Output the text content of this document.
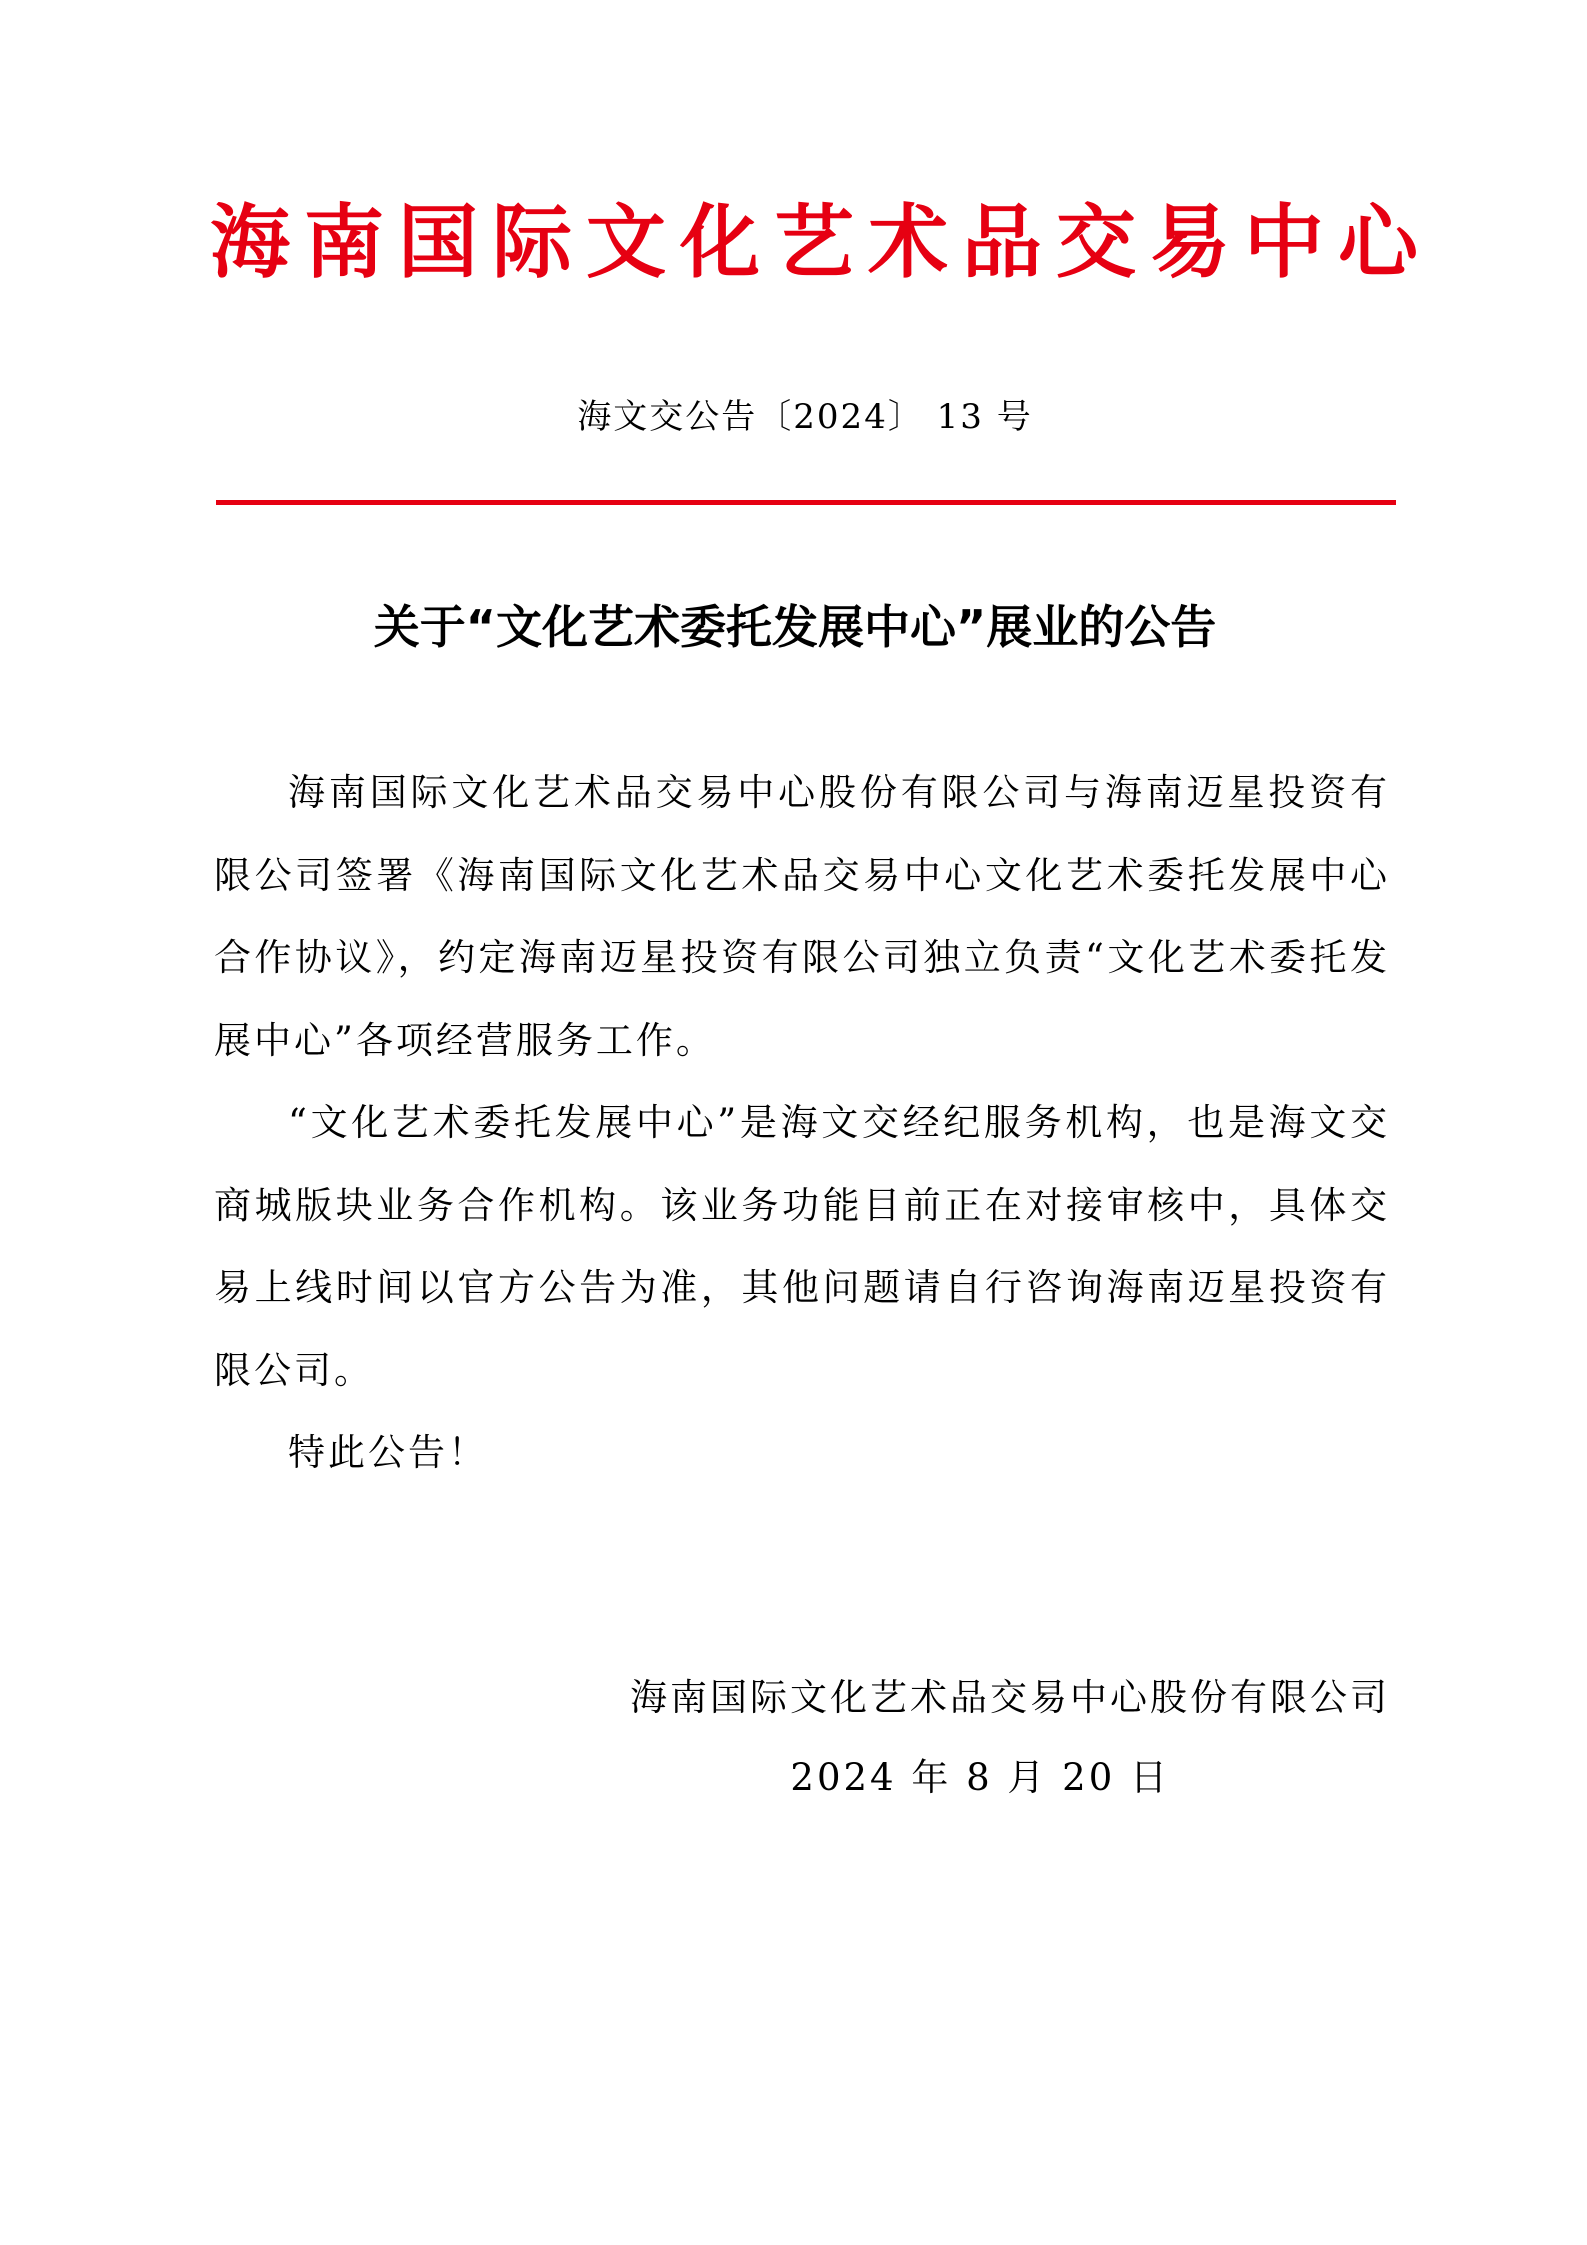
海南国际文化艺术品交易中心
海文交公告〔2024〕 13 号
关于“文化艺术委托发展中心”展业的公告

海南国际文化艺术品交易中心股份有限公司与海南迈星投资有限公司签署《海南国际文化艺术品交易中心文化艺术委托发展中心合作协议》，约定海南迈星投资有限公司独立负责“文化艺术委托发展中心”各项经营服务工作。

“文化艺术委托发展中心”是海文交经纪服务机构，也是海文交商城版块业务合作机构。该业务功能目前正在对接审核中，具体交易上线时间以官方公告为准，其他问题请自行咨询海南迈星投资有限公司。

特此公告！

海南国际文化艺术品交易中心股份有限公司
2024 年 8 月 20 日
